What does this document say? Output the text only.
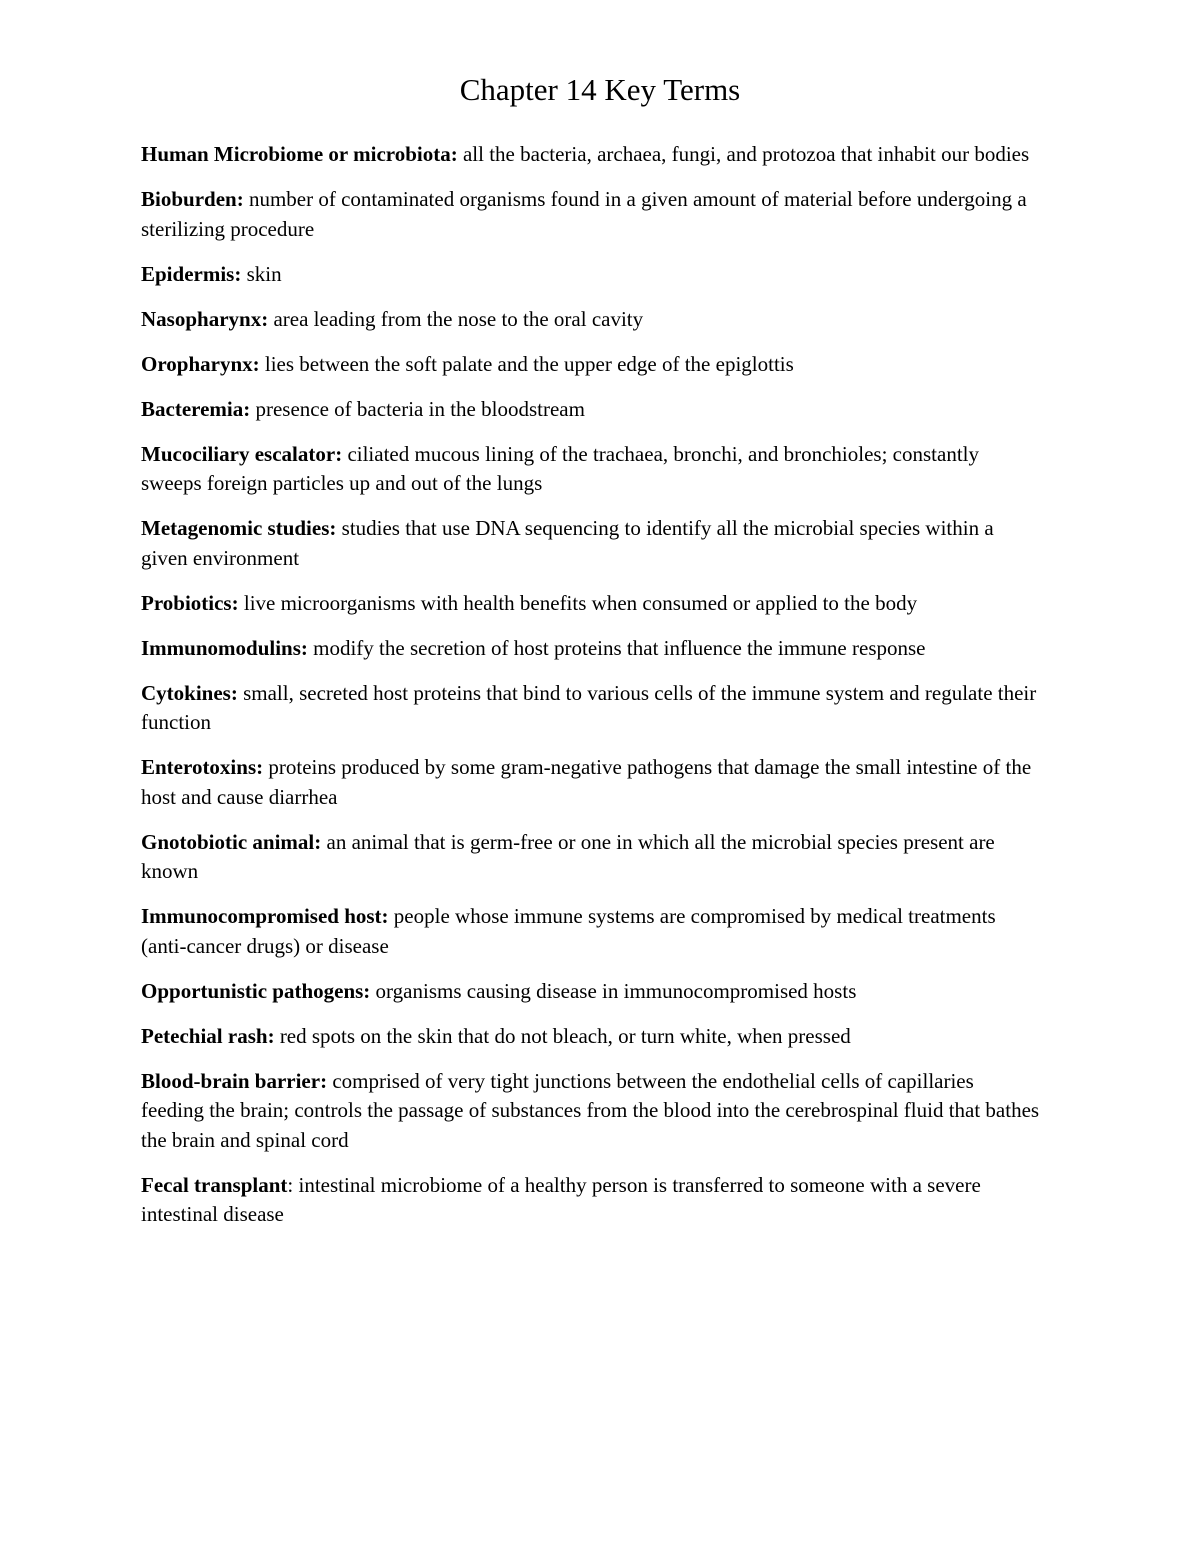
Chapter 14 Key Terms
Human Microbiome or microbiota: all the bacteria, archaea, fungi, and protozoa that inhabit our bodies
Bioburden: number of contaminated organisms found in a given amount of material before undergoing a sterilizing procedure
Epidermis: skin
Nasopharynx: area leading from the nose to the oral cavity
Oropharynx: lies between the soft palate and the upper edge of the epiglottis
Bacteremia: presence of bacteria in the bloodstream
Mucociliary escalator: ciliated mucous lining of the trachaea, bronchi, and bronchioles; constantly sweeps foreign particles up and out of the lungs
Metagenomic studies: studies that use DNA sequencing to identify all the microbial species within a given environment
Probiotics: live microorganisms with health benefits when consumed or applied to the body
Immunomodulins: modify the secretion of host proteins that influence the immune response
Cytokines: small, secreted host proteins that bind to various cells of the immune system and regulate their function
Enterotoxins: proteins produced by some gram-negative pathogens that damage the small intestine of the host and cause diarrhea
Gnotobiotic animal: an animal that is germ-free or one in which all the microbial species present are known
Immunocompromised host: people whose immune systems are compromised by medical treatments (anti-cancer drugs) or disease
Opportunistic pathogens: organisms causing disease in immunocompromised hosts
Petechial rash: red spots on the skin that do not bleach, or turn white, when pressed
Blood-brain barrier: comprised of very tight junctions between the endothelial cells of capillaries feeding the brain; controls the passage of substances from the blood into the cerebrospinal fluid that bathes the brain and spinal cord
Fecal transplant: intestinal microbiome of a healthy person is transferred to someone with a severe intestinal disease
